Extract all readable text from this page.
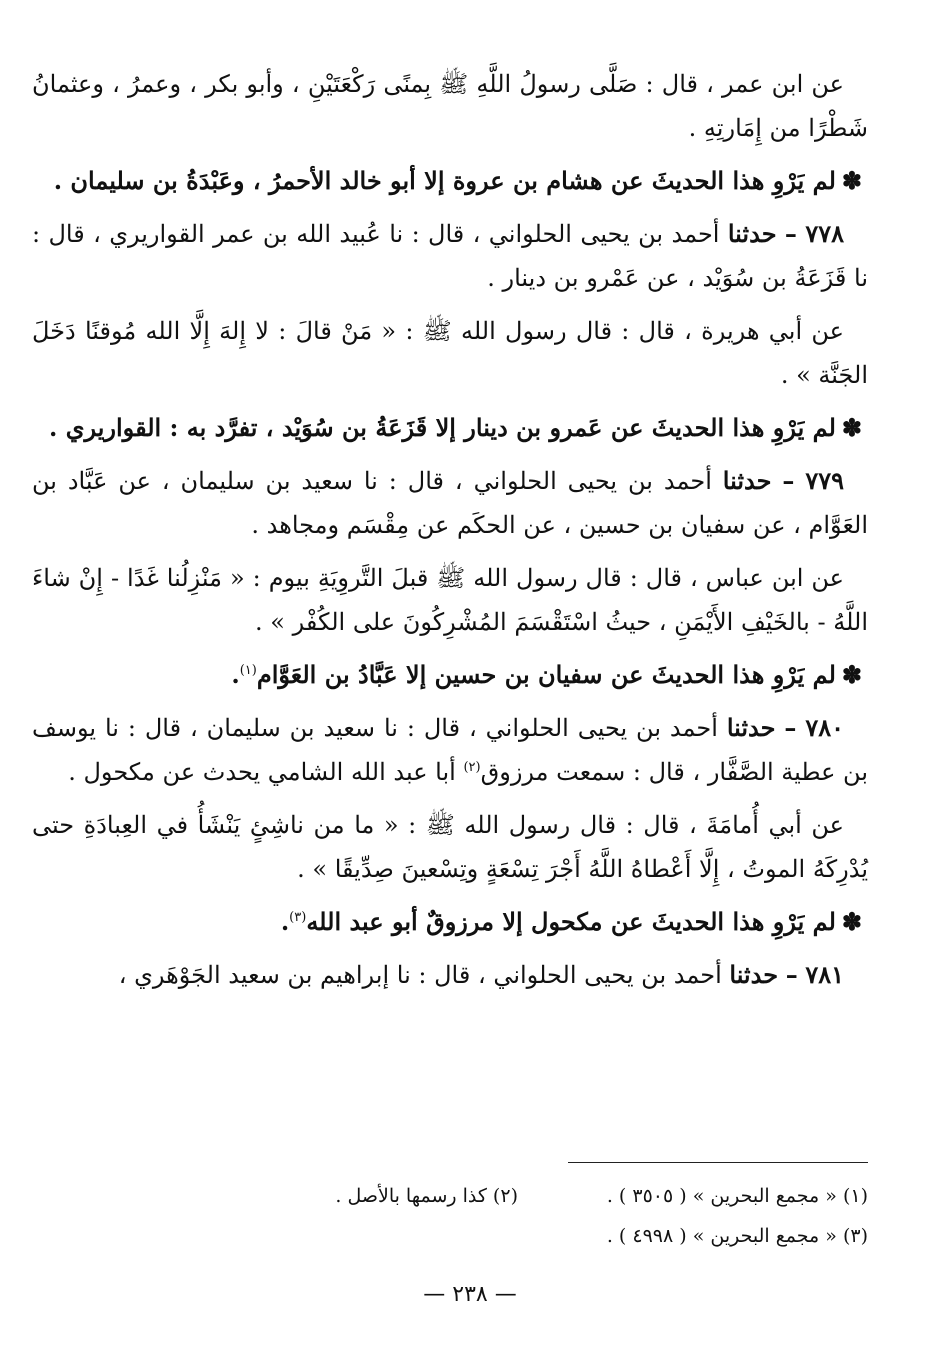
عن ابن عمر ، قال : صَلَّى رسولُ اللَّهِ ﷺ بِمنًى رَكْعَتَيْنِ ، وأبو بكر ، وعمرُ ، وعثمانُ شَطْرًا من إِمَارتِهِ .

✽لم يَرْوِ هذا الحديثَ عن هشام بن عروة إلا أبو خالد الأحمرُ ، وعَبْدَةُ بن سليمان .

٧٧٨ – حدثنا أحمد بن يحيى الحلواني ، قال : نا عُبيد الله بن عمر القواريري ، قال : نا قَزَعَةُ بن سُوَيْد ، عن عَمْرو بن دينار .

عن أبي هريرة ، قال : قال رسول الله ﷺ : « مَنْ قالَ : لا إِلهَ إِلَّا الله مُوقنًا دَخَلَ الجَنَّة » .

✽لم يَرْوِ هذا الحديثَ عن عَمرو بن دينار إلا قَزَعَةُ بن سُوَيْد ، تفرَّد به : القواريري .

٧٧٩ – حدثنا أحمد بن يحيى الحلواني ، قال : نا سعيد بن سليمان ، عن عَبَّاد بن العَوَّام ، عن سفيان بن حسين ، عن الحكَم عن مِقْسَم ومجاهد .

عن ابن عباس ، قال : قال رسول الله ﷺ قبلَ التَّروِيَةِ بيوم : « مَنْزِلُنا غَدًا - إِنْ شاءَ اللَّهُ - بالخَيْفِ الأَيْمَنِ ، حيثُ اسْتَقْسَمَ المُشْرِكُونَ على الكُفْر » .

✽لم يَرْوِ هذا الحديثَ عن سفيان بن حسين إلا عَبَّادُ بن العَوَّام$^{(١)}$.

٧٨٠ – حدثنا أحمد بن يحيى الحلواني ، قال : نا سعيد بن سليمان ، قال : نا يوسف بن عطية الصَّفَّار ، قال : سمعت مرزوق$^{(٢)}$ أبا عبد الله الشامي يحدث عن مكحول .

عن أبي أُمامَةَ ، قال : قال رسول الله ﷺ : « ما من ناشِئٍ يَنْشَأُ في العِبادَةِ حتى يُدْرِكَهُ الموتُ ، إِلَّا أَعْطاهُ اللَّهُ أَجْرَ تِسْعَةٍ وتِسْعينَ صِدِّيقًا » .

✽لم يَرْوِ هذا الحديثَ عن مكحول إلا مرزوقٌ أبو عبد الله$^{(٣)}$.

٧٨١ – حدثنا أحمد بن يحيى الحلواني ، قال : نا إبراهيم بن سعيد الجَوْهَري ،

(١) « مجمع البحرين » ( ٣٥٠٥ ) .
(٢) كذا رسمها بالأصل .
(٣) « مجمع البحرين » ( ٤٩٩٨ ) .
— ٢٣٨ —
